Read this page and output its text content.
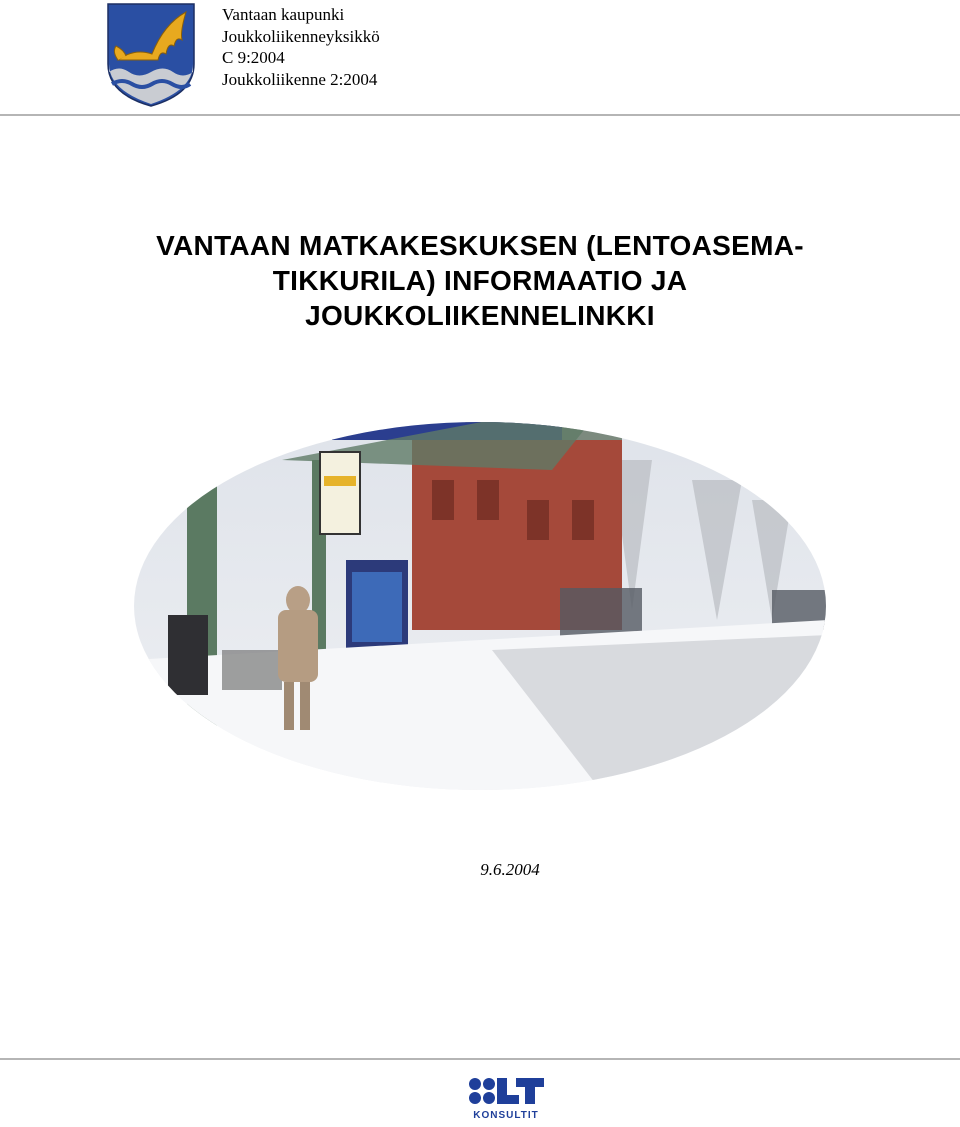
Vantaan kaupunki
Joukkoliikenneyksikkö
C 9:2004
Joukkoliikenne 2:2004
VANTAAN MATKAKESKUKSEN (LENTOASEMA-
TIKKURILA) INFORMAATIO JA
JOUKKOLIIKENNELINKKI
9.6.2004
KONSULTIT
